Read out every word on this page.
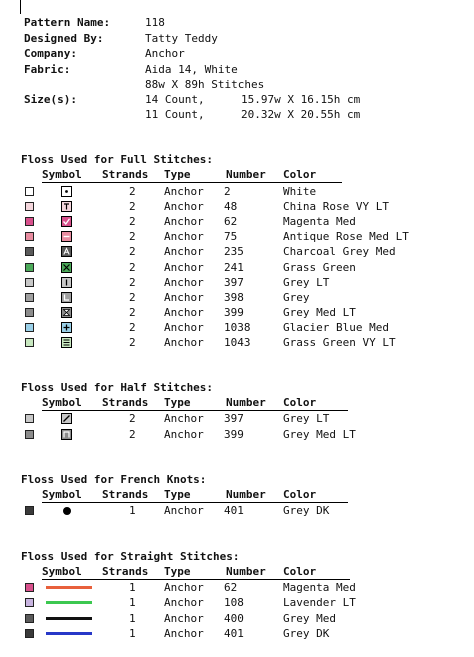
Pattern Name:	118
Designed By:	Tatty Teddy
Company:	Anchor
Fabric:	Aida 14, White
88w X 89h Stitches
Size(s):	14 Count,	15.97w X 16.15h cm
11 Count,	20.32w X 20.55h cm
Floss Used for Full Stitches:
Symbol Strands Type	Number Color
2	Anchor 2	White
2	Anchor 48	China Rose VY LT
2	Anchor 62	Magenta Med
2	Anchor 75	Antique Rose Med LT
2	Anchor 235	Charcoal Grey Med
2	Anchor 241	Grass Green
2	Anchor 397	Grey LT
2	Anchor 398	Grey
2	Anchor 399	Grey Med LT
2	Anchor 1038	Glacier Blue Med
2	Anchor 1043	Grass Green VY LT
Floss Used for Half Stitches:
Symbol Strands Type	Number Color
2	Anchor 397	Grey LT
2	Anchor 399	Grey Med LT
Floss Used for French Knots:
Symbol Strands Type	Number Color
1	Anchor 401	Grey DK
Floss Used for Straight Stitches:
Symbol Strands Type	Number Color
1	Anchor 62	Magenta Med
1	Anchor 108	Lavender LT
1	Anchor 400	Grey Med
1	Anchor 401	Grey DK
